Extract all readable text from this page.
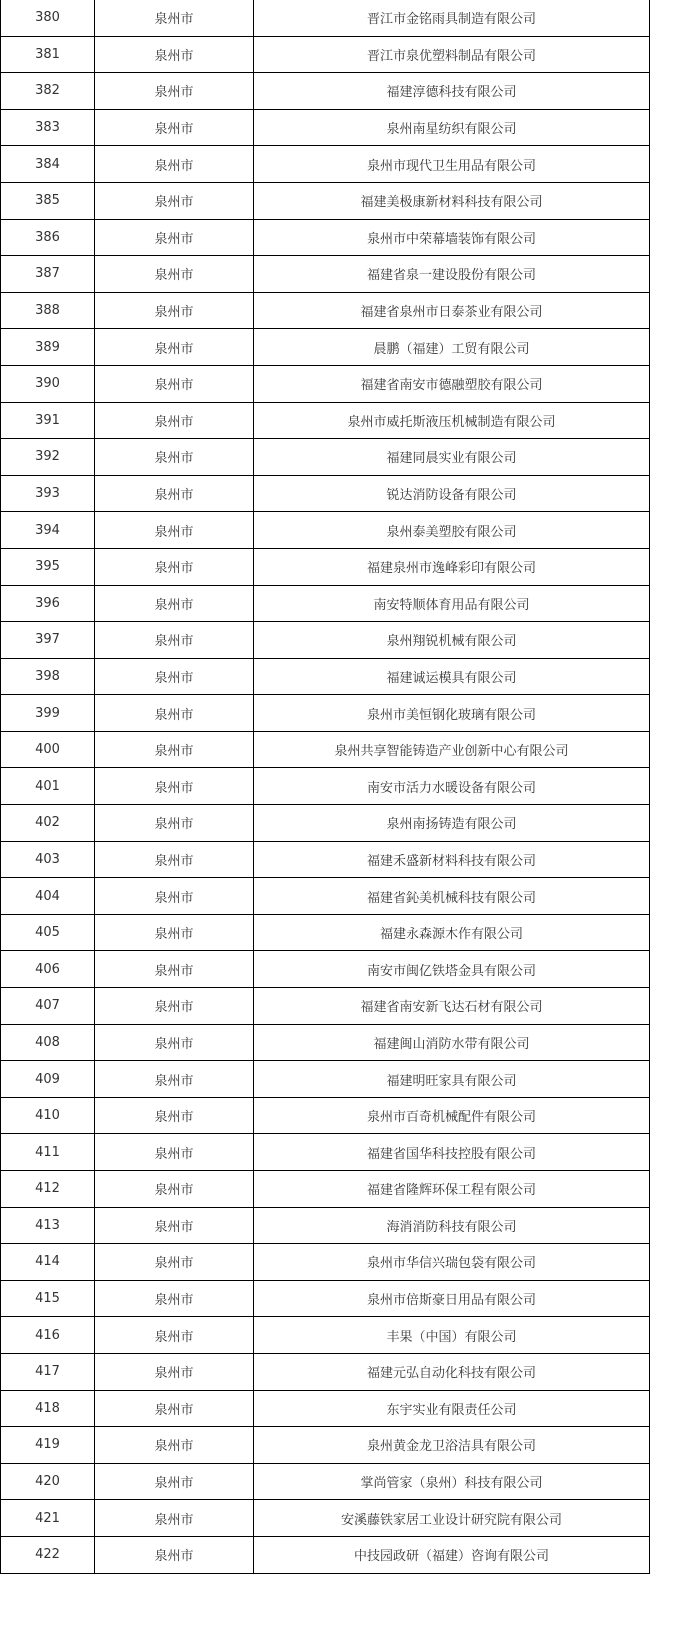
380	泉州市	晋江市金铭雨具制造有限公司
381	泉州市	晋江市泉优塑料制品有限公司
382	泉州市	福建淳德科技有限公司
383	泉州市	泉州南星纺织有限公司
384	泉州市	泉州市现代卫生用品有限公司
385	泉州市	福建美极康新材料科技有限公司
386	泉州市	泉州市中荣幕墙装饰有限公司
387	泉州市	福建省泉一建设股份有限公司
388	泉州市	福建省泉州市日泰茶业有限公司
389	泉州市	晨鹏（福建）工贸有限公司
390	泉州市	福建省南安市德融塑胶有限公司
391	泉州市	泉州市威托斯液压机械制造有限公司
392	泉州市	福建同晨实业有限公司
393	泉州市	锐达消防设备有限公司
394	泉州市	泉州泰美塑胶有限公司
395	泉州市	福建泉州市逸峰彩印有限公司
396	泉州市	南安特顺体育用品有限公司
397	泉州市	泉州翔锐机械有限公司
398	泉州市	福建诚运模具有限公司
399	泉州市	泉州市美恒钢化玻璃有限公司
400	泉州市	泉州共享智能铸造产业创新中心有限公司
401	泉州市	南安市活力水暖设备有限公司
402	泉州市	泉州南扬铸造有限公司
403	泉州市	福建禾盛新材料科技有限公司
404	泉州市	福建省鈊美机械科技有限公司
405	泉州市	福建永森源木作有限公司
406	泉州市	南安市闽亿铁塔金具有限公司
407	泉州市	福建省南安新飞达石材有限公司
408	泉州市	福建闽山消防水带有限公司
409	泉州市	福建明旺家具有限公司
410	泉州市	泉州市百奇机械配件有限公司
411	泉州市	福建省国华科技控股有限公司
412	泉州市	福建省隆辉环保工程有限公司
413	泉州市	海消消防科技有限公司
414	泉州市	泉州市华信兴瑞包袋有限公司
415	泉州市	泉州市倍斯豪日用品有限公司
416	泉州市	丰果（中国）有限公司
417	泉州市	福建元弘自动化科技有限公司
418	泉州市	东宇实业有限责任公司
419	泉州市	泉州黄金龙卫浴洁具有限公司
420	泉州市	掌尚管家（泉州）科技有限公司
421	泉州市	安溪藤铁家居工业设计研究院有限公司
422	泉州市	中技园政研（福建）咨询有限公司
